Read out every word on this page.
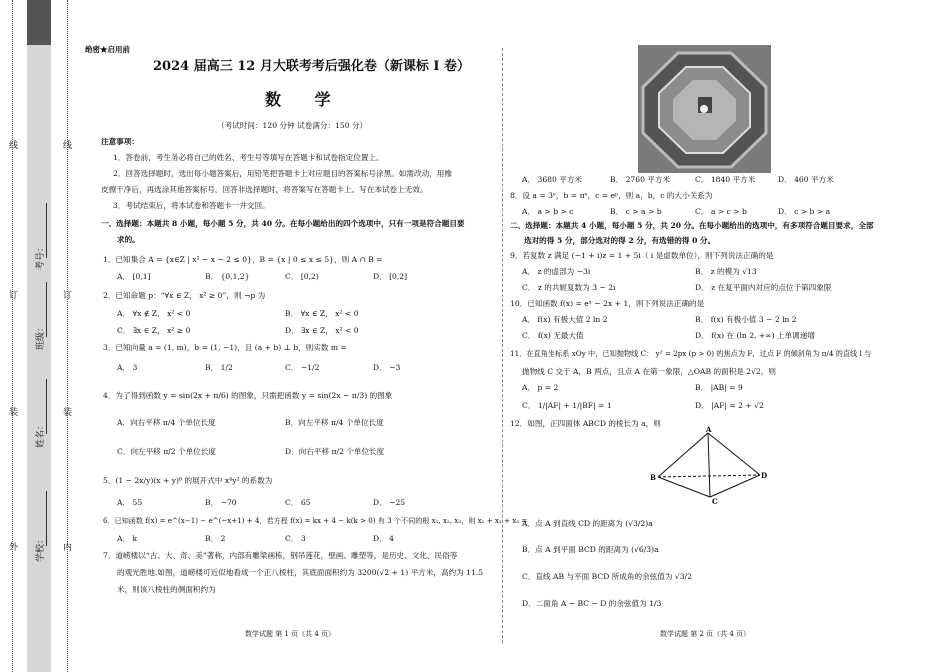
线	线
订	订
装	装
外	内
考号：
班级：
姓名：
学校：
绝密★启用前
2024 届高三 12 月大联考考后强化卷（新课标 I 卷）
数 学
（考试时间：120 分钟 试卷满分：150 分）
注意事项：
1．答卷前，考生务必将自己的姓名、考生号等填写在答题卡和试卷指定位置上。
2．回答选择题时，选出每小题答案后，用铅笔把答题卡上对应题目的答案标号涂黑。如需改动，用橡
皮擦干净后，再选涂其他答案标号。回答非选择题时，将答案写在答题卡上。写在本试卷上无效。
3．考试结束后，将本试卷和答题卡一并交回。
一、选择题：本题共 8 小题，每小题 5 分，共 40 分。在每小题给出的四个选项中，只有一项是符合题目要
求的。
1．已知集合 A = {x∈Z | x² − x − 2 ≤ 0}，B = {x | 0 ≤ x ≤ 5}，则 A ∩ B =
A． [0,1]	B． {0,1,2}	C． [0,2)	D． [0,2]
2．已知命题 p：“∀x ∈ Z， x² ≥ 0”，则 ¬p 为
A． ∀x ∉ Z， x² < 0	B． ∀x ∈ Z， x² < 0
C． ∃x ∈ Z， x² ≥ 0	D． ∃x ∈ Z， x² < 0
3．已知向量 a = (1, m)，b = (1, −1)，且 (a + b) ⊥ b，则实数 m =
A． 3	B． 1/2	C． −1/2	D． −3
4．为了得到函数 y = sin(2x + π/6) 的图象，只需把函数 y = sin(2x − π/3) 的图象
A．向右平移 π/4 个单位长度	B．向左平移 π/4 个单位长度
C．向左平移 π/2 个单位长度	D．向右平移 π/2 个单位长度
5．(1 − 2x/y)(x + y)⁶ 的展开式中 x⁴y² 的系数为
A． 55	B． −70	C． 65	D． −25
6．已知函数 f(x) = e^(x−1) − e^(−x+1) + 4，若方程 f(x) = kx + 4 − k(k > 0) 有 3 个不同的根 x₁, x₂, x₃，则 x₁ + x₂ + x₃ =
A． k	B． 2	C． 3	D． 4
7．道崂楼以“古、大、奇、美”著称，内部有雕梁画栋，钢吊莲花，壁画、雕塑等，是历史、文化、民俗等
的观光胜地.如图，道崂楼可近似地看成一个正八棱柱，其底面面积约为 3200(√2 + 1) 平方米，高约为 11.5
米，则该八棱柱的侧面积约为
数学试题 第 1 页（共 4 页）
A． 3680 平方米	B． 2760 平方米	C． 1840 平方米	D． 460 平方米
8．设 a = 3ᵉ，b = πᵉ，c = eᵖ，则 a，b，c 的大小关系为
A． a > b > c	B． c > a > b	C． a > c > b	D． c > b > a
二、选择题：本题共 4 小题，每小题 5 分，共 20 分。在每小题给出的选项中，有多项符合题目要求，全部
选对的得 5 分，部分选对的得 2 分，有选错的得 0 分。
9．若复数 z 满足 (−1 + i)z = 1 + 5i（ i 是虚数单位），则下列说法正确的是
A． z 的虚部为 −3i	B． z 的模为 √13
C． z 的共轭复数为 3 − 2i	D． z 在复平面内对应的点位于第四象限
10．已知函数 f(x) = eˣ − 2x + 1，则下列说法正确的是
A． f(x) 有极大值 2 ln 2	B． f(x) 有极小值 3 − 2 ln 2
C． f(x) 无最大值	D． f(x) 在 (ln 2, +∞) 上单调递增
11．在直角坐标系 xOy 中，已知抛物线 C： y² = 2px (p > 0) 的焦点为 F，过点 F 的倾斜角为 π/4 的直线 l 与
抛物线 C 交于 A，B 两点，且点 A 在第一象限，△OAB 的面积是 2√2，则
A． p = 2	B． |AB| = 9
C． 1/|AF| + 1/|BF| = 1	D． |AF| = 2 + √2
12．如图，正四面体 ABCD 的棱长为 a，则
A
B
C
D
A．点 A 到直线 CD 的距离为 (√3/2)a
B．点 A 到平面 BCD 的距离为 (√6/3)a
C．直线 AB 与平面 BCD 所成角的余弦值为 √3/2
D．二面角 A − BC − D 的余弦值为 1/3
数学试题 第 2 页（共 4 页）
